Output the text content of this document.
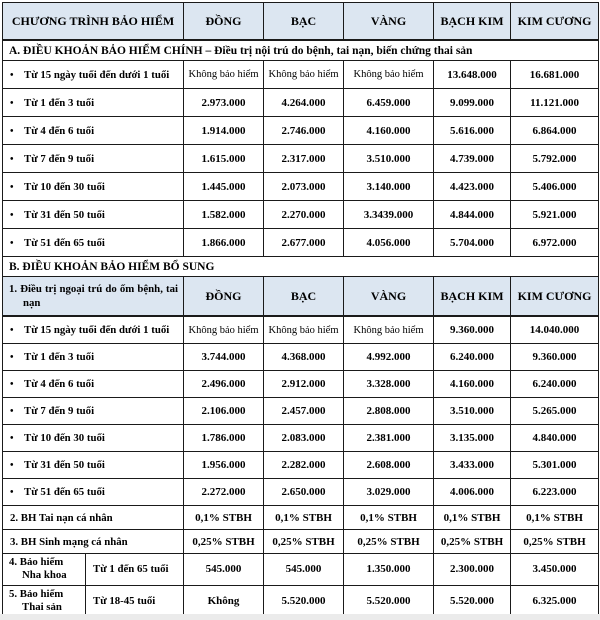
CHƯƠNG TRÌNH BẢO HIỂM		ĐỒNG	BẠC	VÀNG	BẠCH KIM	KIM CƯƠNG
A. ĐIỀU KHOẢN BẢO HIỂM CHÍNH – Điều trị nội trú do bệnh, tai nạn, biến chứng thai sản						
• Từ 15 ngày tuổi đến dưới 1 tuổi		Không bảo hiểm	Không bảo hiểm	Không bảo hiểm	13.648.000	16.681.000
• Từ 1 đến 3 tuổi		2.973.000	4.264.000	6.459.000	9.099.000	11.121.000
• Từ 4 đến 6 tuổi		1.914.000	2.746.000	4.160.000	5.616.000	6.864.000
• Từ 7 đến 9 tuổi		1.615.000	2.317.000	3.510.000	4.739.000	5.792.000
• Từ 10 đến 30 tuổi		1.445.000	2.073.000	3.140.000	4.423.000	5.406.000
• Từ 31 đến 50 tuổi		1.582.000	2.270.000	3.3439.000	4.844.000	5.921.000
• Từ 51 đến 65 tuổi		1.866.000	2.677.000	4.056.000	5.704.000	6.972.000
B. ĐIỀU KHOẢN BẢO HIỂM BỔ SUNG						
1. Điều trị ngoại trú do ốm bệnh, tai nạn		ĐỒNG	BẠC	VÀNG	BẠCH KIM	KIM CƯƠNG
• Từ 15 ngày tuổi đến dưới 1 tuổi		Không bảo hiểm	Không bảo hiểm	Không bảo hiểm	9.360.000	14.040.000
• Từ 1 đến 3 tuổi		3.744.000	4.368.000	4.992.000	6.240.000	9.360.000
• Từ 4 đến 6 tuổi		2.496.000	2.912.000	3.328.000	4.160.000	6.240.000
• Từ 7 đến 9 tuổi		2.106.000	2.457.000	2.808.000	3.510.000	5.265.000
• Từ 10 đến 30 tuổi		1.786.000	2.083.000	2.381.000	3.135.000	4.840.000
• Từ 31 đến 50 tuổi		1.956.000	2.282.000	2.608.000	3.433.000	5.301.000
• Từ 51 đến 65 tuổi		2.272.000	2.650.000	3.029.000	4.006.000	6.223.000
2. BH Tai nạn cá nhân		0,1% STBH	0,1% STBH	0,1% STBH	0,1% STBH	0,1% STBH
3. BH Sinh mạng cá nhân		0,25% STBH	0,25% STBH	0,25% STBH	0,25% STBH	0,25% STBH
4. Bảo hiểm Nha khoa	Từ 1 đến 65 tuổi	545.000	545.000	1.350.000	2.300.000	3.450.000
5. Bảo hiểm Thai sản	Từ 18-45 tuổi	Không	5.520.000	5.520.000	5.520.000	6.325.000
